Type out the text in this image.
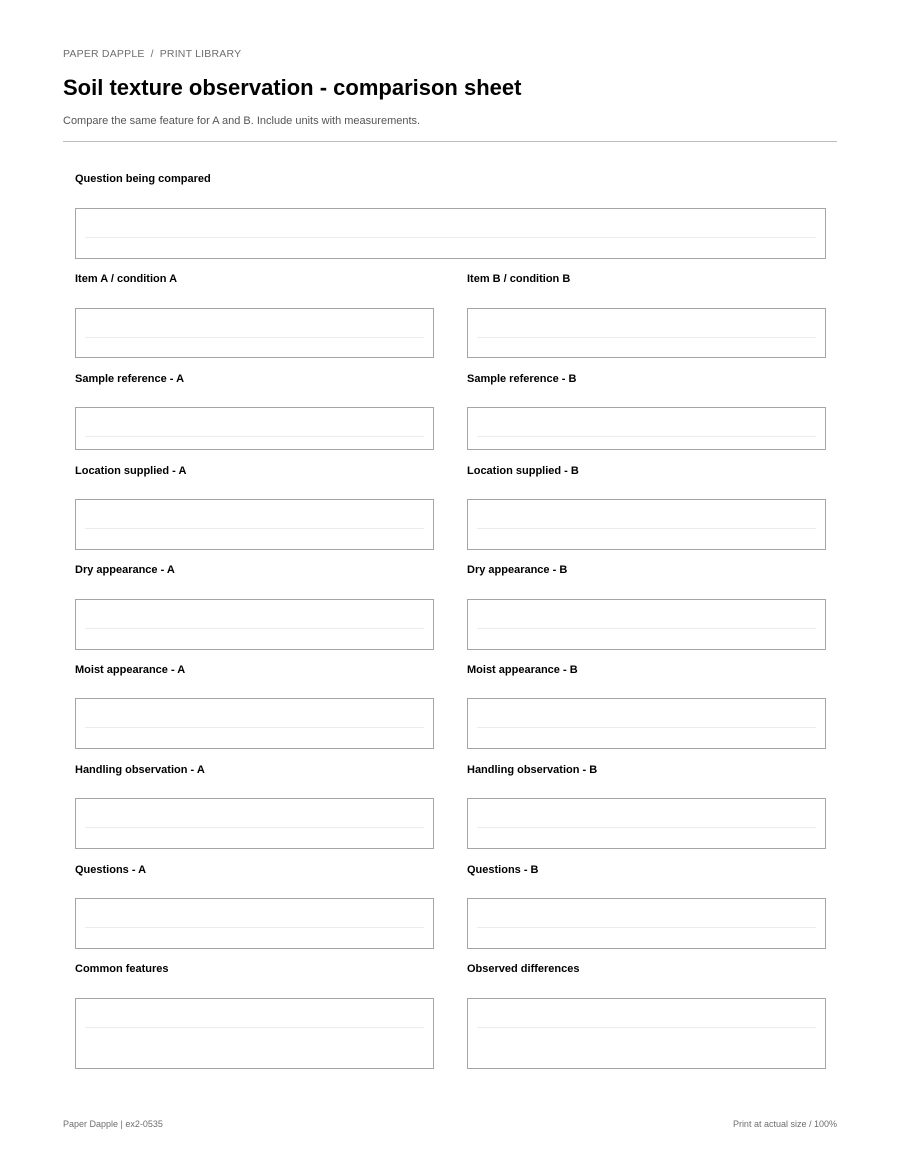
PAPER DAPPLE / PRINT LIBRARY
Soil texture observation - comparison sheet
Compare the same feature for A and B. Include units with measurements.
Question being compared
Item A / condition A	Item B / condition B
Sample reference - A	Sample reference - B
Location supplied - A	Location supplied - B
Dry appearance - A	Dry appearance - B
Moist appearance - A	Moist appearance - B
Handling observation - A	Handling observation - B
Questions - A	Questions - B
Common features	Observed differences
Paper Dapple | ex2-0535	Print at actual size / 100%
